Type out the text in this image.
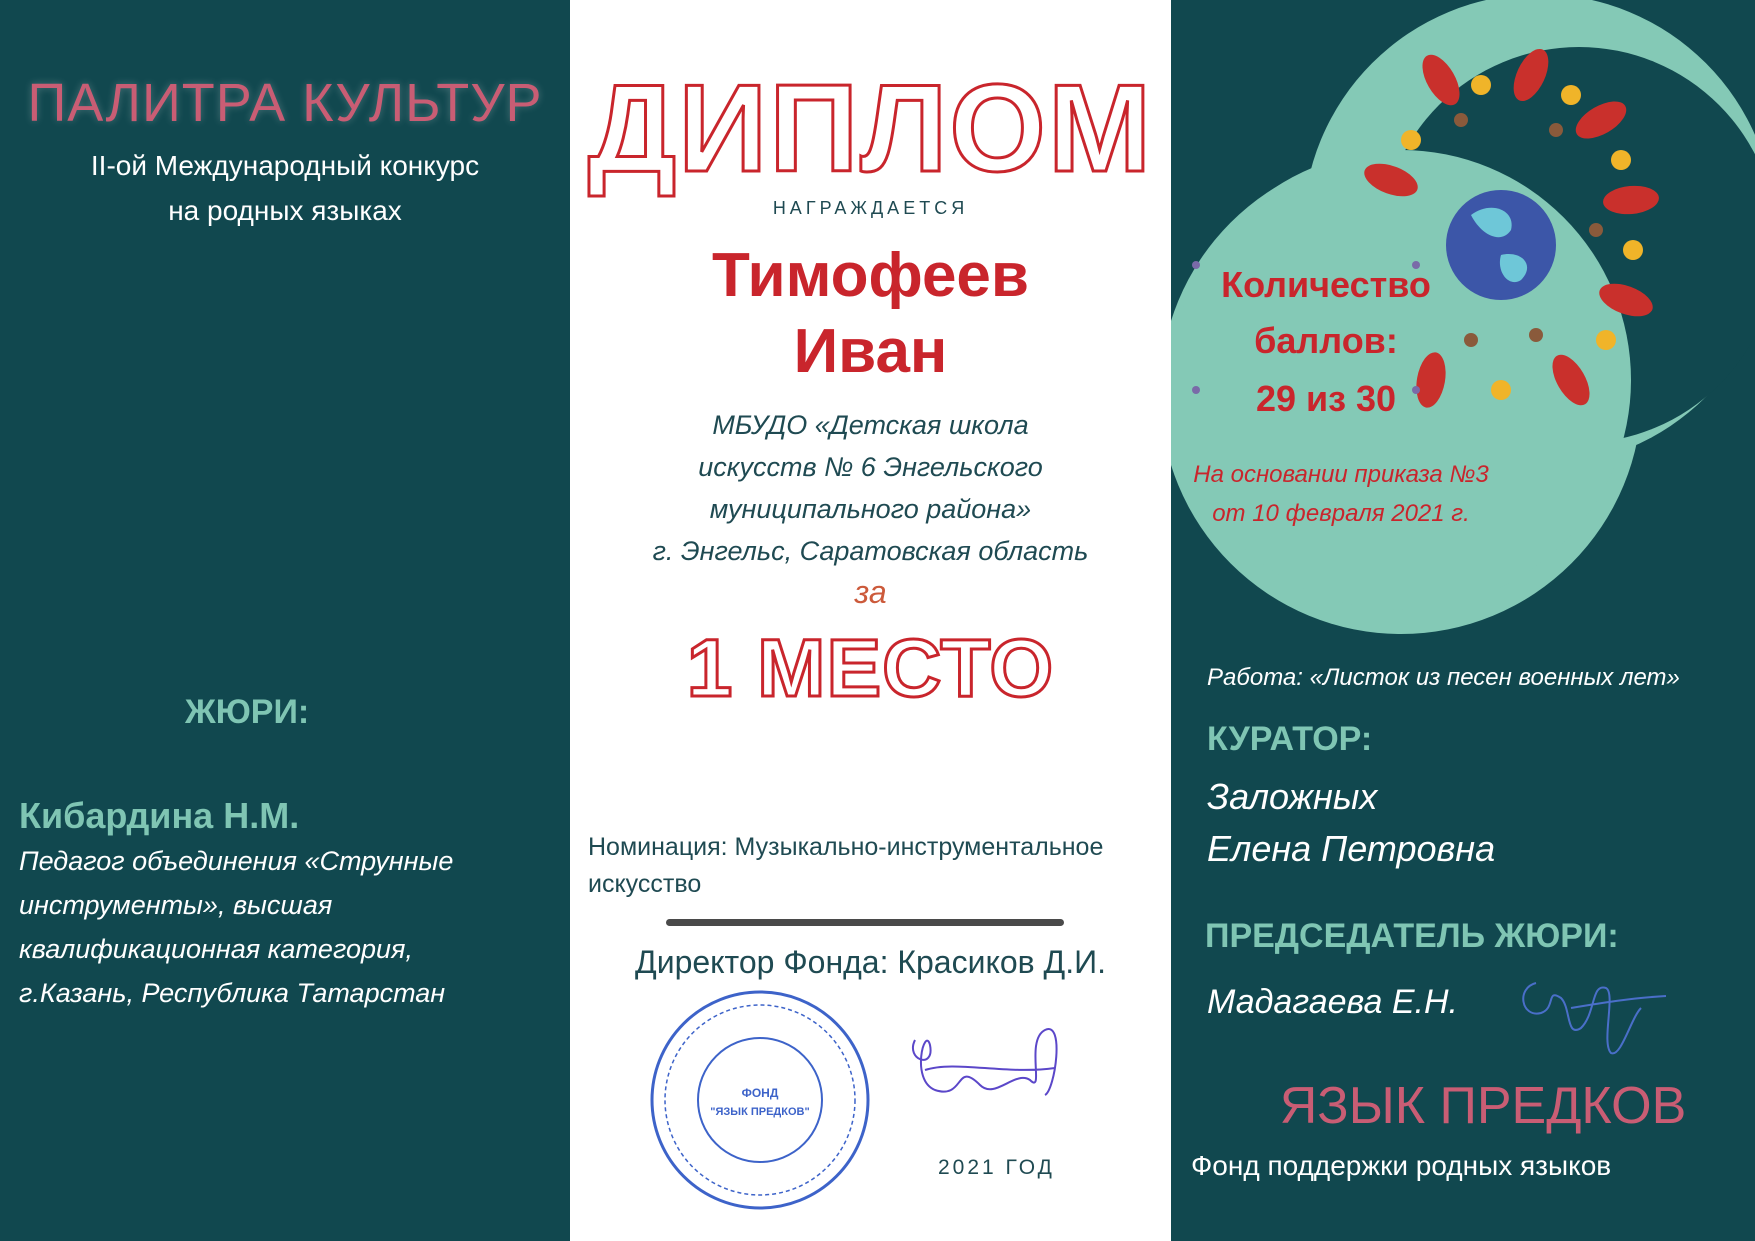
ПАЛИТРА КУЛЬТУР
II-ой Международный конкурс
на родных языках
ЖЮРИ:
Кибардина Н.М.
Педагог объединения «Струнные
инструменты», высшая
квалификационная категория,
г.Казань, Республика Татарстан
ДИПЛОМ
НАГРАЖДАЕТСЯ
Тимофеев
Иван
МБУДО «Детская школа
искусств № 6 Энгельского
муниципального района»
г. Энгельс, Саратовская область
за
1 МЕСТО
Номинация: Музыкально-инструментальное
искусство
ФОНД
"ЯЗЫК ПРЕДКОВ"
Директор Фонда: Красиков Д.И.
2021 ГОД
Количество
баллов:
29 из 30
На основании приказа №3
от 10 февраля 2021 г.
Работа: «Листок из песен военных лет»
КУРАТОР:
Заложных
Елена Петровна
ПРЕДСЕДАТЕЛЬ ЖЮРИ:
Мадагаева Е.Н.
ЯЗЫК ПРЕДКОВ
Фонд поддержки родных языков
